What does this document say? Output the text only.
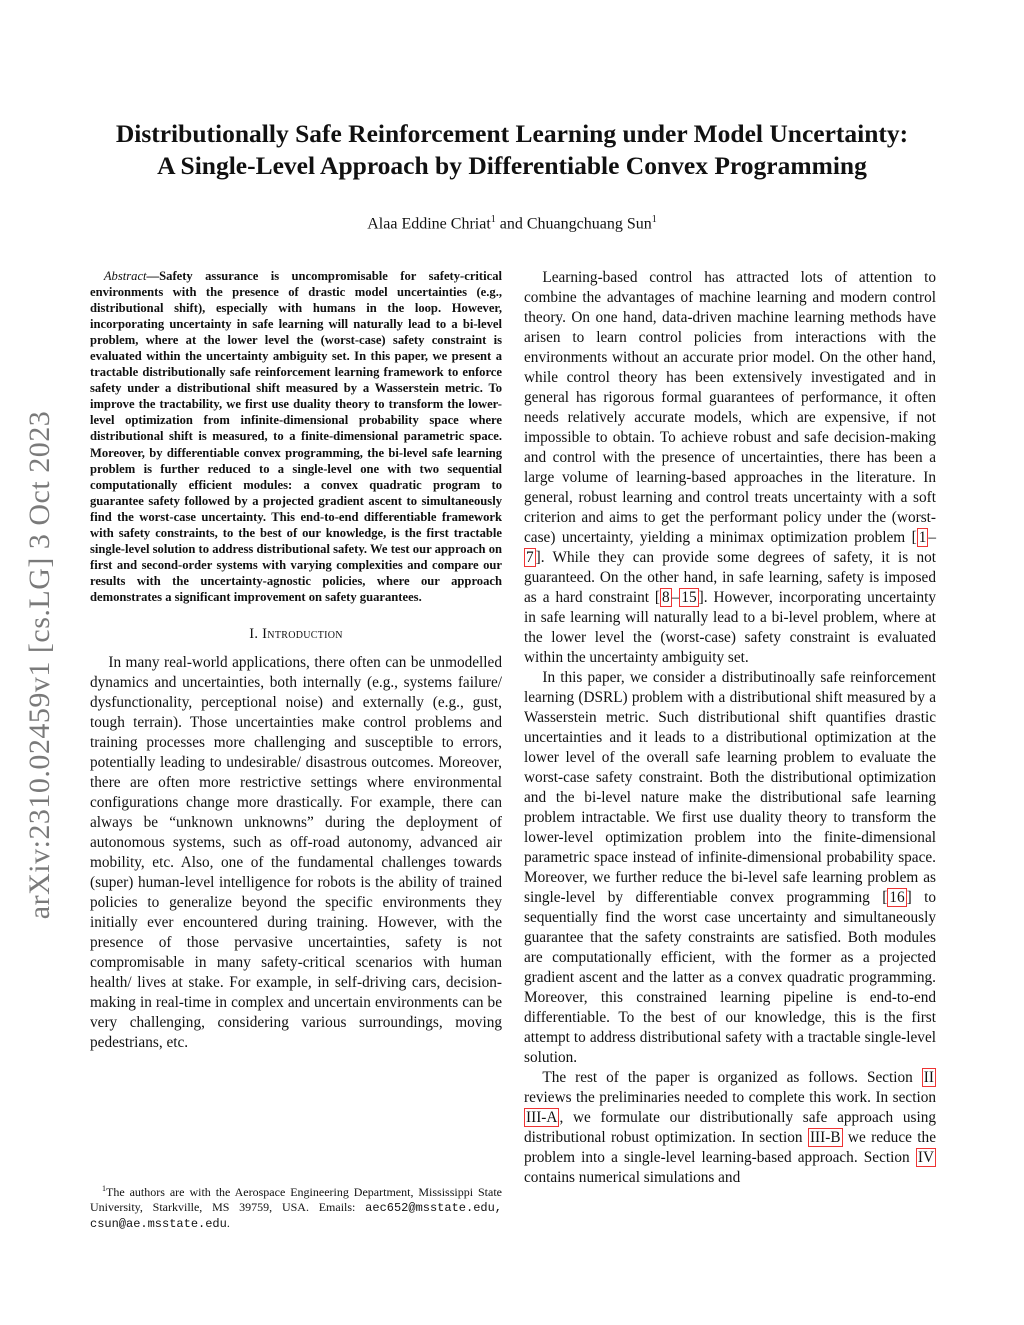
Distributionally Safe Reinforcement Learning under Model Uncertainty:
A Single-Level Approach by Differentiable Convex Programming
Alaa Eddine Chriat$^1$ and Chuangchuang Sun$^1$
arXiv:2310.02459v1 [cs.LG] 3 Oct 2023

Abstract—Safety assurance is uncompromisable for safety-critical environments with the presence of drastic model uncertainties (e.g., distributional shift), especially with humans in the loop. However, incorporating uncertainty in safe learning will naturally lead to a bi-level problem, where at the lower level the (worst-case) safety constraint is evaluated within the uncertainty ambiguity set. In this paper, we present a tractable distributionally safe reinforcement learning framework to enforce safety under a distributional shift measured by a Wasserstein metric. To improve the tractability, we first use duality theory to transform the lower-level optimization from infinite-dimensional probability space where distributional shift is measured, to a finite-dimensional parametric space. Moreover, by differentiable convex programming, the bi-level safe learning problem is further reduced to a single-level one with two sequential computationally efficient modules: a convex quadratic program to guarantee safety followed by a projected gradient ascent to simultaneously find the worst-case uncertainty. This end-to-end differentiable framework with safety constraints, to the best of our knowledge, is the first tractable single-level solution to address distributional safety. We test our approach on first and second-order systems with varying complexities and compare our results with the uncertainty-agnostic policies, where our approach demonstrates a significant improvement on safety guarantees.

I. Introduction

In many real-world applications, there often can be unmodelled dynamics and uncertainties, both internally (e.g., systems failure/ dysfunctionality, perceptional noise) and externally (e.g., gust, tough terrain). Those uncertainties make control problems and training processes more challenging and susceptible to errors, potentially leading to undesirable/ disastrous outcomes. Moreover, there are often more restrictive settings where environmental configurations change more drastically. For example, there can always be “unknown unknowns” during the deployment of autonomous systems, such as off-road autonomy, advanced air mobility, etc. Also, one of the fundamental challenges towards (super) human-level intelligence for robots is the ability of trained policies to generalize beyond the specific environments they initially ever encountered during training. However, with the presence of those pervasive uncertainties, safety is not compromisable in many safety-critical scenarios with human health/ lives at stake. For example, in self-driving cars, decision-making in real-time in complex and uncertain environments can be very challenging, considering various surroundings, moving pedestrians, etc.

$^1$The authors are with the Aerospace Engineering Department, Mississippi State University, Starkville, MS 39759, USA. Emails: aec652@msstate.edu, csun@ae.msstate.edu.

Learning-based control has attracted lots of attention to combine the advantages of machine learning and modern control theory. On one hand, data-driven machine learning methods have arisen to learn control policies from interactions with the environments without an accurate prior model. On the other hand, while control theory has been extensively investigated and in general has rigorous formal guarantees of performance, it often needs relatively accurate models, which are expensive, if not impossible to obtain. To achieve robust and safe decision-making and control with the presence of uncertainties, there has been a large volume of learning-based approaches in the literature. In general, robust learning and control treats uncertainty with a soft criterion and aims to get the performant policy under the (worst-case) uncertainty, yielding a minimax optimization problem [ 1 –7 ]. While they can provide some degrees of safety, it is not guaranteed. On the other hand, in safe learning, safety is imposed as a hard constraint [ 8 – 15 ]. However, incorporating uncertainty in safe learning will naturally lead to a bi-level problem, where at the lower level the (worst-case) safety constraint is evaluated within the uncertainty ambiguity set.

In this paper, we consider a distributinoally safe reinforcement learning (DSRL) problem with a distributional shift measured by a Wasserstein metric. Such distributional shift quantifies drastic uncertainties and it leads to a distributional optimization at the lower level of the overall safe learning problem to evaluate the worst-case safety constraint. Both the distributional optimization and the bi-level nature make the distributional safe learning problem intractable. We first use duality theory to transform the lower-level optimization problem into the finite-dimensional parametric space instead of infinite-dimensional probability space. Moreover, we further reduce the bi-level safe learning problem as single-level by differentiable convex programming [ 16 ] to sequentially find the worst case uncertainty and simultaneously guarantee that the safety constraints are satisfied. Both modules are computationally efficient, with the former as a projected gradient ascent and the latter as a convex quadratic programming. Moreover, this constrained learning pipeline is end-to-end differentiable. To the best of our knowledge, this is the first attempt to address distributional safety with a tractable single-level solution.

The rest of the paper is organized as follows. Section II reviews the preliminaries needed to complete this work. In section III-A , we formulate our distributionally safe approach using distributional robust optimization. In section III-B we reduce the problem into a single-level learning-based approach. Section IV contains numerical simulations and
